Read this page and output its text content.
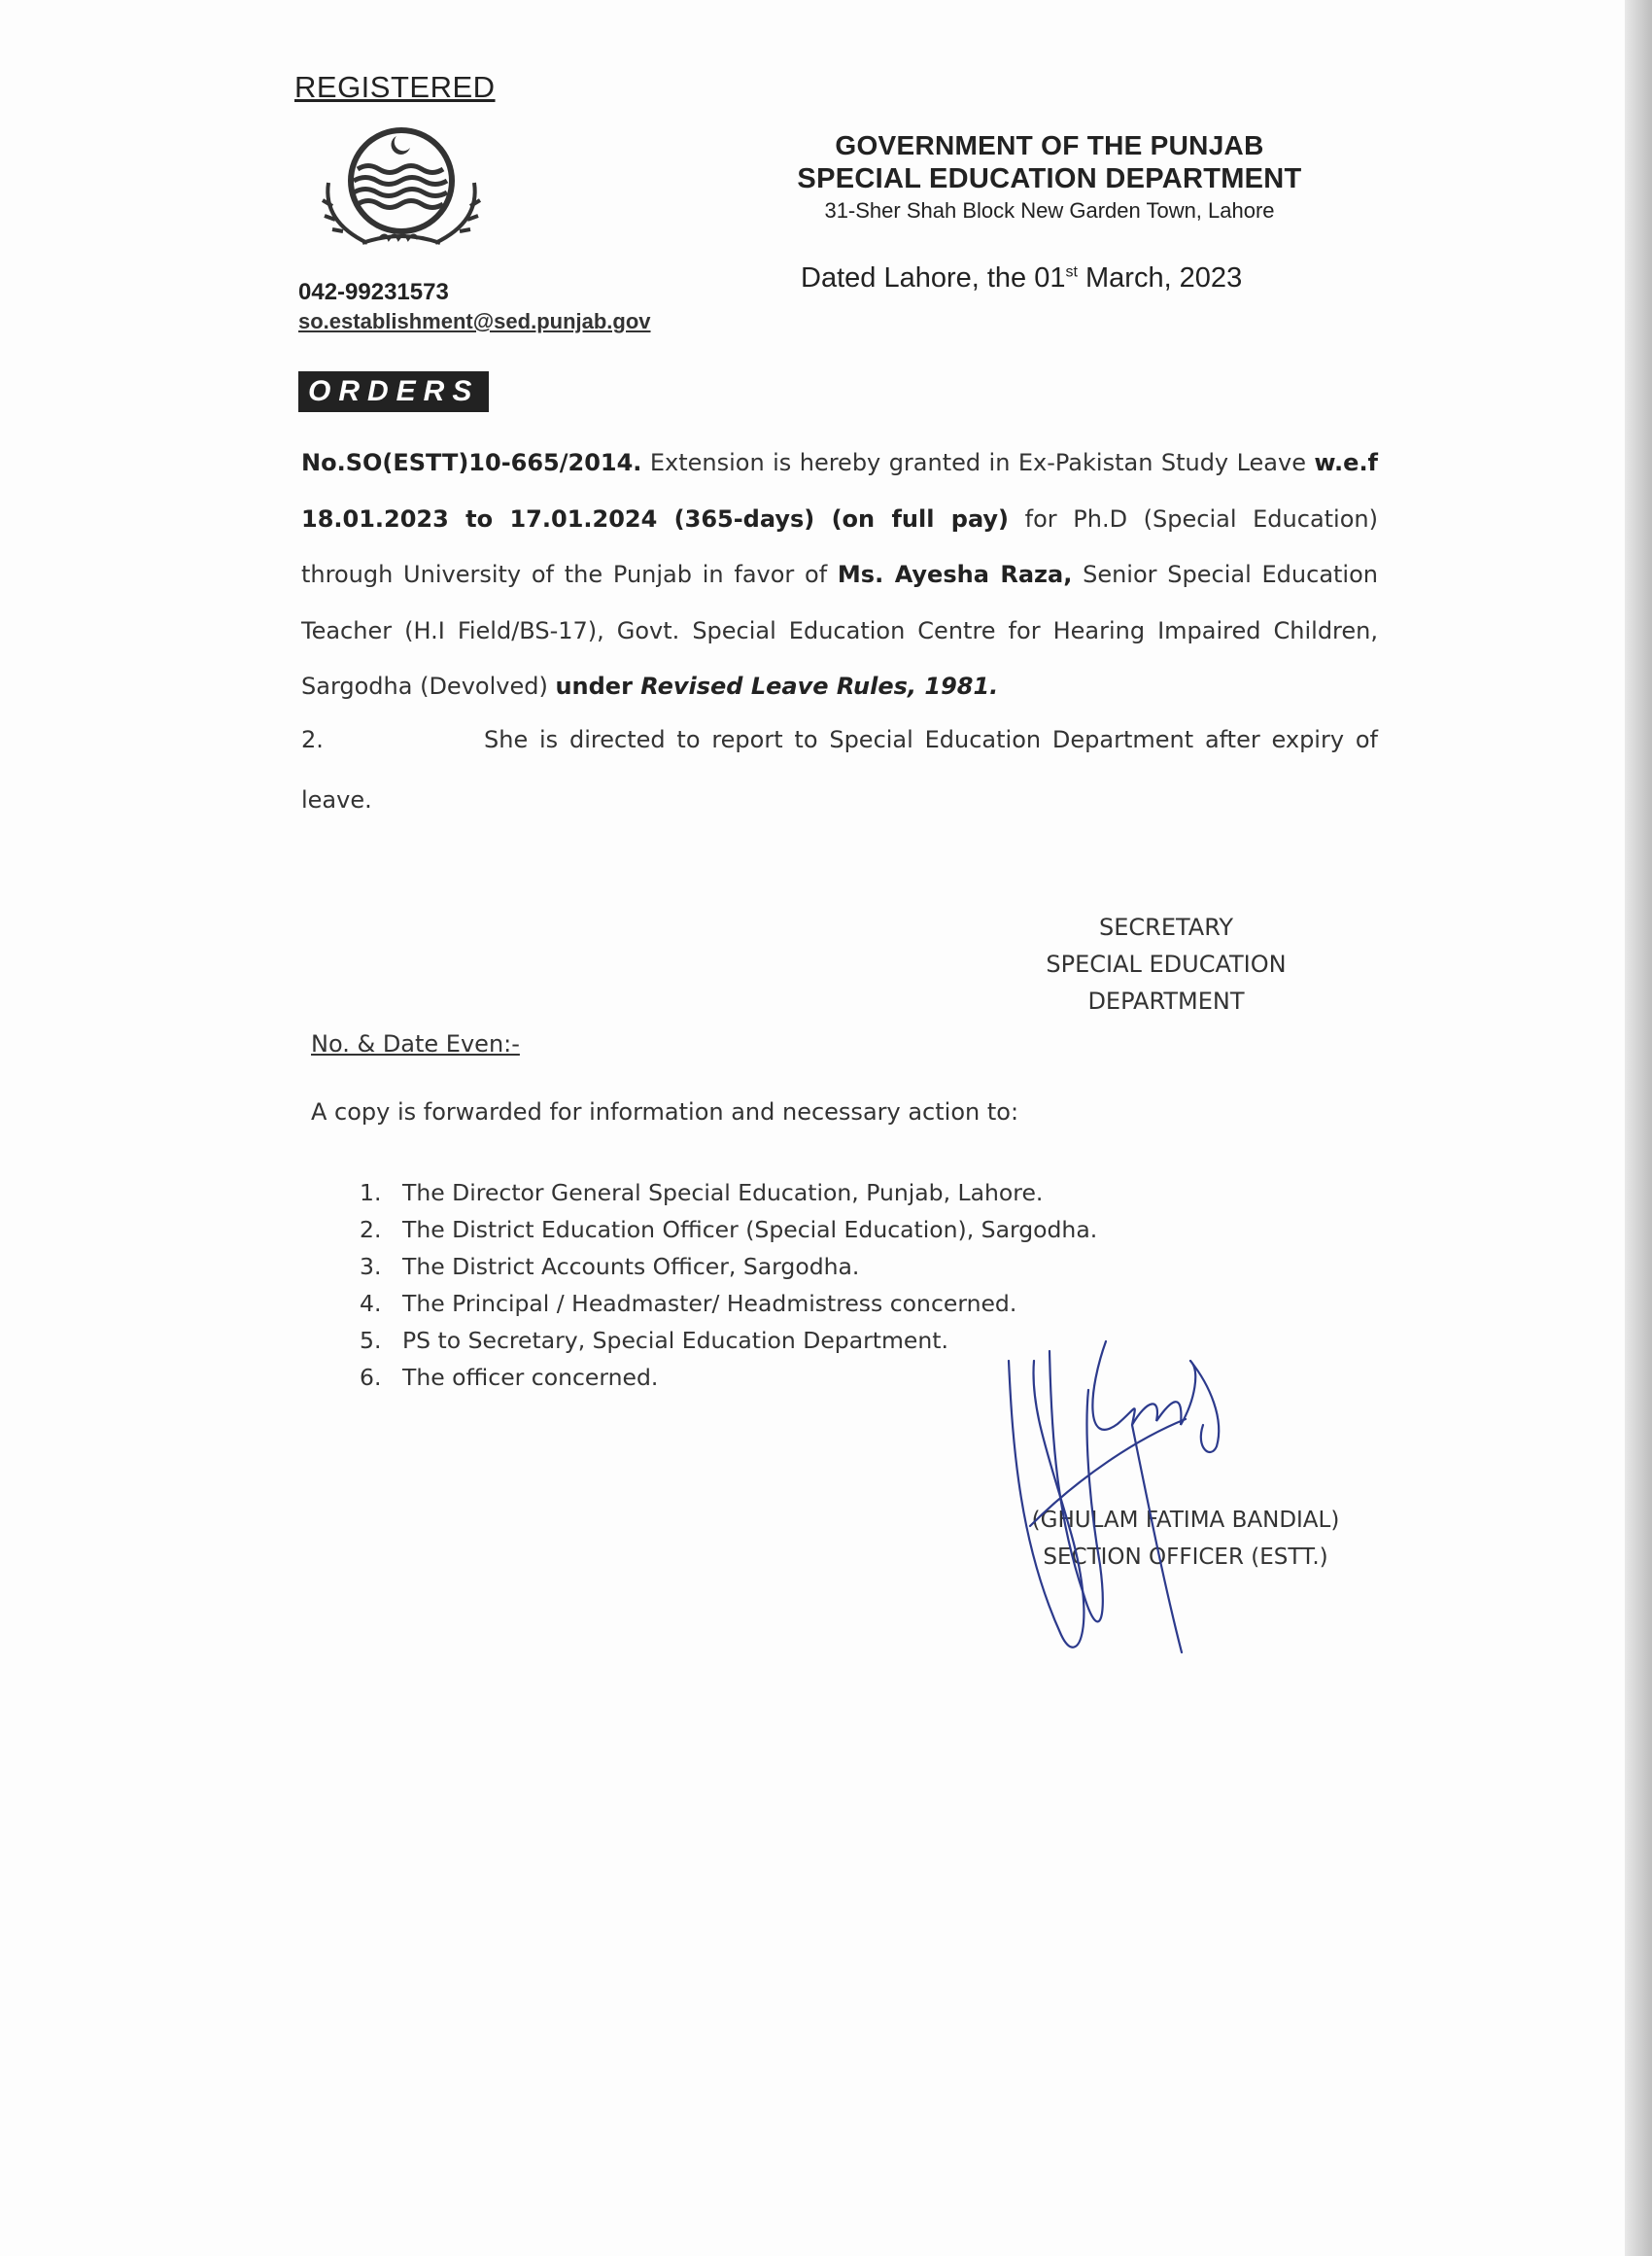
REGISTERED
042-99231573
so.establishment@sed.punjab.gov
GOVERNMENT OF THE PUNJAB
SPECIAL EDUCATION DEPARTMENT
31-Sher Shah Block New Garden Town, Lahore
Dated Lahore, the 01st March, 2023
ORDERS
No.SO(ESTT)10-665/2014. Extension is hereby granted in Ex-Pakistan Study Leave w.e.f 18.01.2023 to 17.01.2024 (365-days) (on full pay) for Ph.D (Special Education) through University of the Punjab in favor of Ms. Ayesha Raza, Senior Special Education Teacher (H.I Field/BS-17), Govt. Special Education Centre for Hearing Impaired Children, Sargodha (Devolved) under Revised Leave Rules, 1981.
2.	She is directed to report to Special Education Department after expiry of leave.
SECRETARY
SPECIAL EDUCATION
DEPARTMENT
No. & Date Even:-
A copy is forwarded for information and necessary action to:
1. The Director General Special Education, Punjab, Lahore.
2. The District Education Officer (Special Education), Sargodha.
3. The District Accounts Officer, Sargodha.
4. The Principal / Headmaster/ Headmistress concerned.
5. PS to Secretary, Special Education Department.
6. The officer concerned.
(GHULAM FATIMA BANDIAL)
SECTION OFFICER (ESTT.)
